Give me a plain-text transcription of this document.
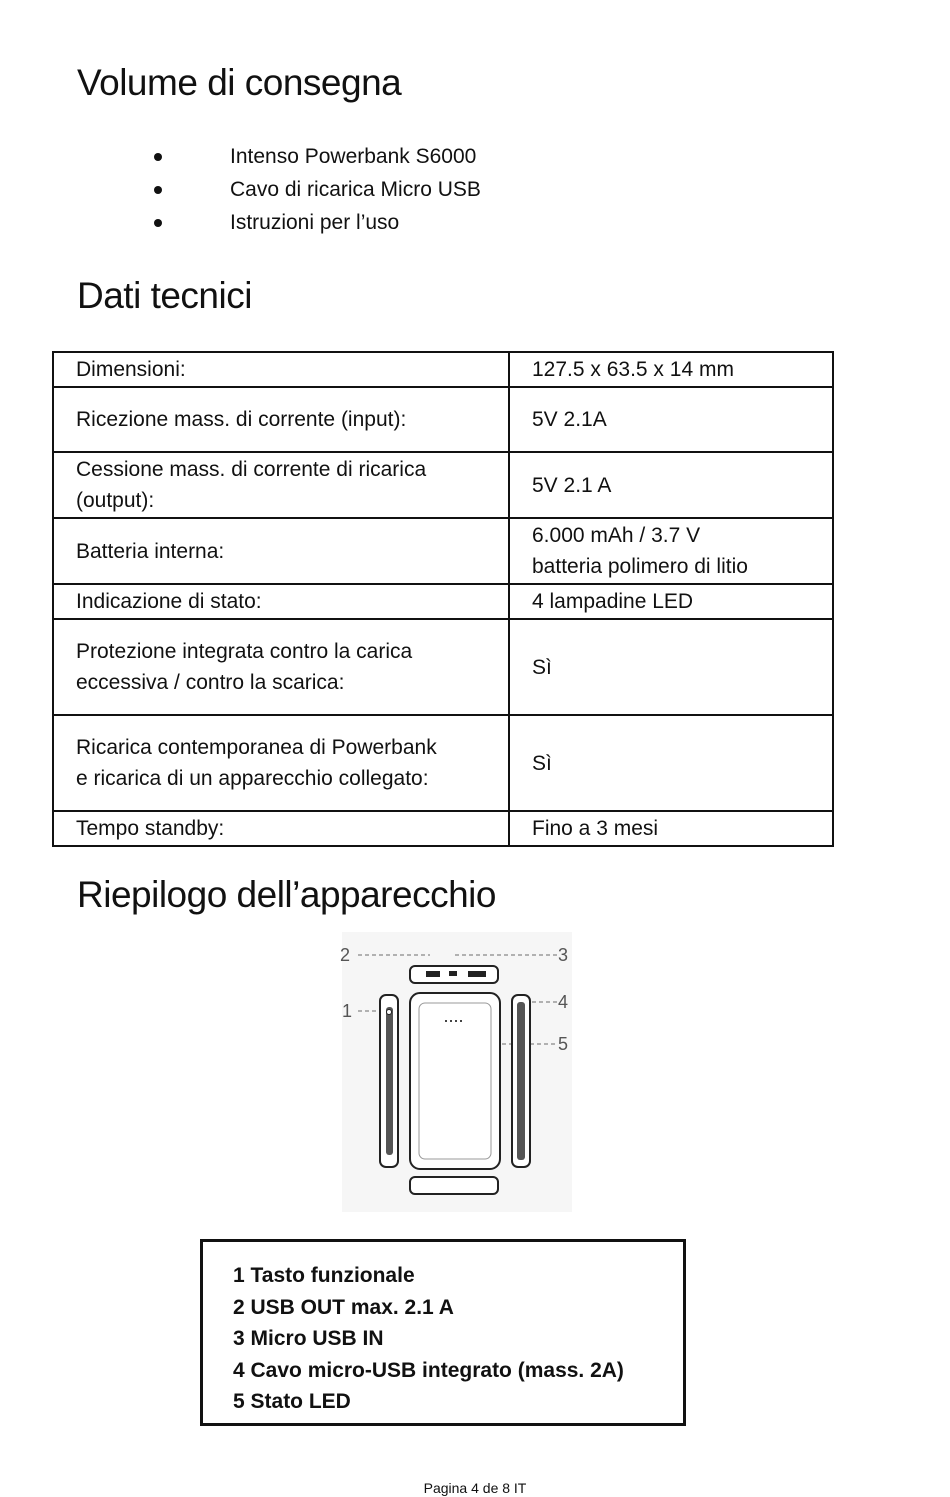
Volume di consegna
Intenso Powerbank S6000
Cavo di ricarica Micro USB
Istruzioni per l’uso
Dati tecnici
Dimensioni:	127.5 x 63.5 x 14 mm
Ricezione mass. di corrente (input):	5V 2.1A
Cessione mass. di corrente di ricarica (output):	5V 2.1 A
Batteria interna:	6.000 mAh / 3.7 V batteria polimero di litio
Indicazione di stato:	4 lampadine LED
Protezione integrata contro la carica eccessiva / contro la scarica:	Sì
Ricarica contemporanea di Powerbank e ricarica di un apparecchio collegato:	Sì
Tempo standby:	Fino a 3 mesi
Riepilogo dell’apparecchio
2	3
1	4
5
1 Tasto funzionale
2 USB OUT max. 2.1 A
3 Micro USB IN
4 Cavo micro-USB integrato (mass. 2A)
5 Stato LED
Pagina 4 de 8 IT
